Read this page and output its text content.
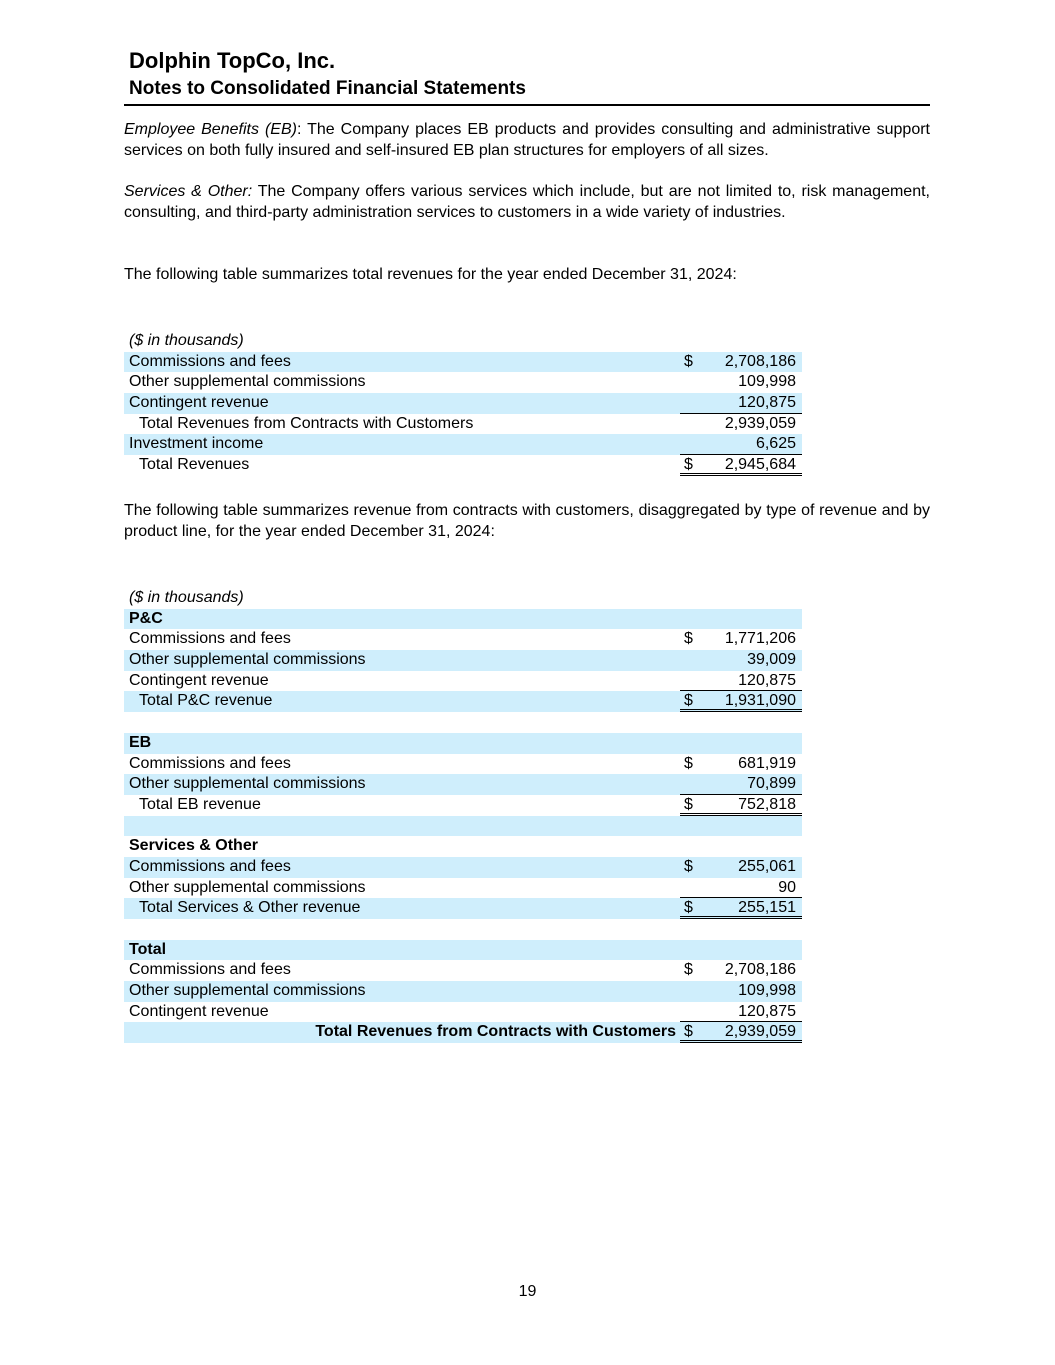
Dolphin TopCo, Inc.
Notes to Consolidated Financial Statements
Employee Benefits (EB): The Company places EB products and provides consulting and administrative support services on both fully insured and self-insured EB plan structures for employers of all sizes.
Services & Other: The Company offers various services which include, but are not limited to, risk management, consulting, and third-party administration services to customers in a wide variety of industries.
The following table summarizes total revenues for the year ended December 31, 2024:
($ in thousands)
Commissions and fees	$ 2,708,186
Other supplemental commissions	109,998
Contingent revenue	120,875
Total Revenues from Contracts with Customers	2,939,059
Investment income	6,625
Total Revenues	$ 2,945,684
The following table summarizes revenue from contracts with customers, disaggregated by type of revenue and by product line, for the year ended December 31, 2024:
($ in thousands)
P&C
Commissions and fees	$ 1,771,206
Other supplemental commissions	39,009
Contingent revenue	120,875
Total P&C revenue	$ 1,931,090
EB
Commissions and fees	$	681,919
Other supplemental commissions	70,899
Total EB revenue	$	752,818
Services & Other
Commissions and fees	$	255,061
Other supplemental commissions	90
Total Services & Other revenue	$	255,151
Total
Commissions and fees	$ 2,708,186
Other supplemental commissions	109,998
Contingent revenue	120,875
Total Revenues from Contracts with Customers $ 2,939,059
19
